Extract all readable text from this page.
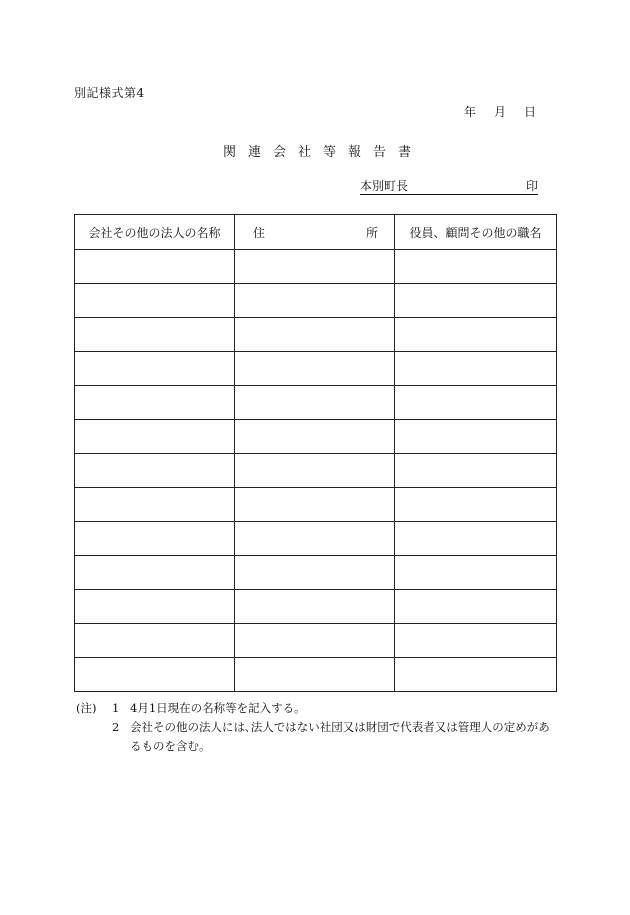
別記様式第4
年 月 日
関連会社等報告書
本別町長	印
会社その他の法人の名称	住 所	役員、顧問その他の職名

(注)	1 4月1日現在の名称等を記入する。
2 会社その他の法人には､法人ではない社団又は財団で代表者又は管理人の定めがあるものを含む｡
